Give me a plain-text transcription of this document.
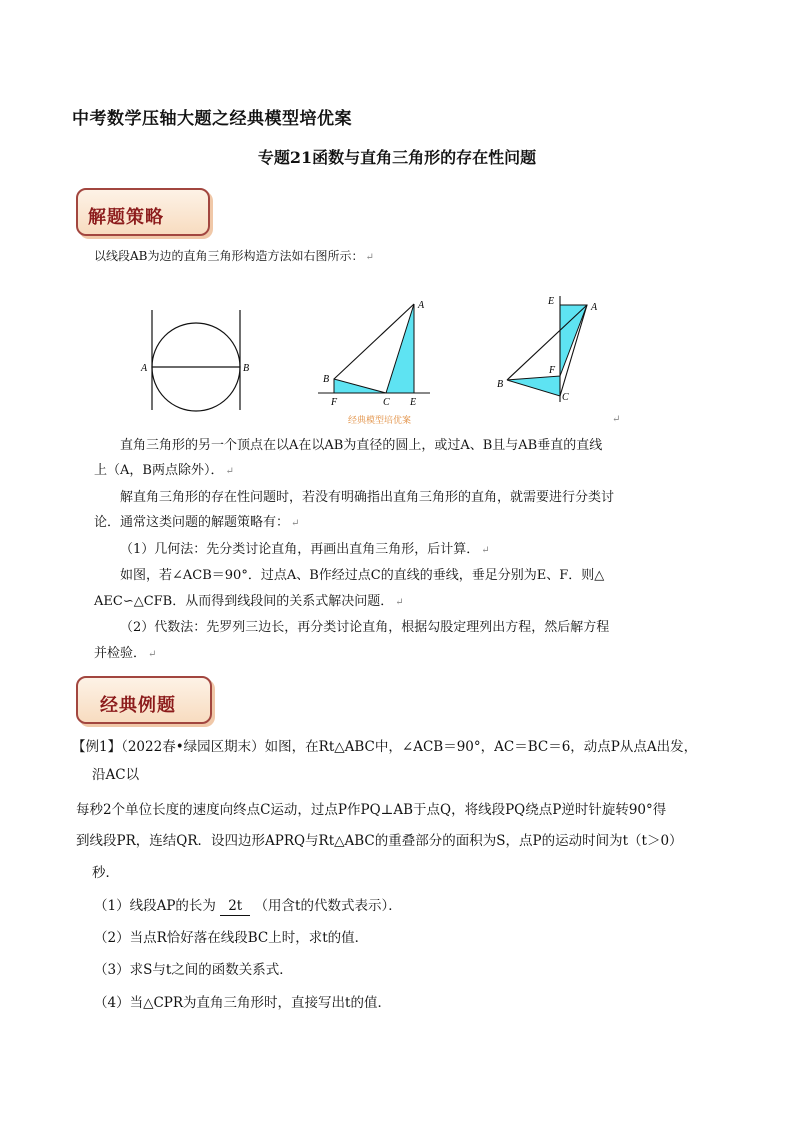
中考数学压轴大题之经典模型培优案
专题21函数与直角三角形的存在性问题
解题策略
以线段AB为边的直角三角形构造方法如右图所示： ↵
A	B
A
B
F	C E
经典模型培优案
E
A
F
B
C
↵
直角三角形的另一个顶点在以A在以AB为直径的圆上，或过A、B且与AB垂直的直线
上（A，B两点除外）． ↵
解直角三角形的存在性问题时，若没有明确指出直角三角形的直角，就需要进行分类讨
论．通常这类问题的解题策略有： ↵
（1）几何法：先分类讨论直角，再画出直角三角形，后计算． ↵
如图，若∠ACB＝90°．过点A、B作经过点C的直线的垂线，垂足分别为E、F．则△
AEC∽△CFB．从而得到线段间的关系式解决问题． ↵
（2）代数法：先罗列三边长，再分类讨论直角，根据勾股定理列出方程，然后解方程
并检验． ↵
经典例题
【例1】（2022春•绿园区期末）如图，在Rt△ABC中，∠ACB＝90°，AC＝BC＝6，动点P从点A出发，
沿AC以
每秒2个单位长度的速度向终点C运动，过点P作PQ⊥AB于点Q，将线段PQ绕点P逆时针旋转90°得
到线段PR，连结QR．设四边形APRQ与Rt△ABC的重叠部分的面积为S，点P的运动时间为t（t＞0）
秒．
（1）线段AP的长为 2t （用含t的代数式表示）．
（2）当点R恰好落在线段BC上时，求t的值．
（3）求S与t之间的函数关系式．
（4）当△CPR为直角三角形时，直接写出t的值．
